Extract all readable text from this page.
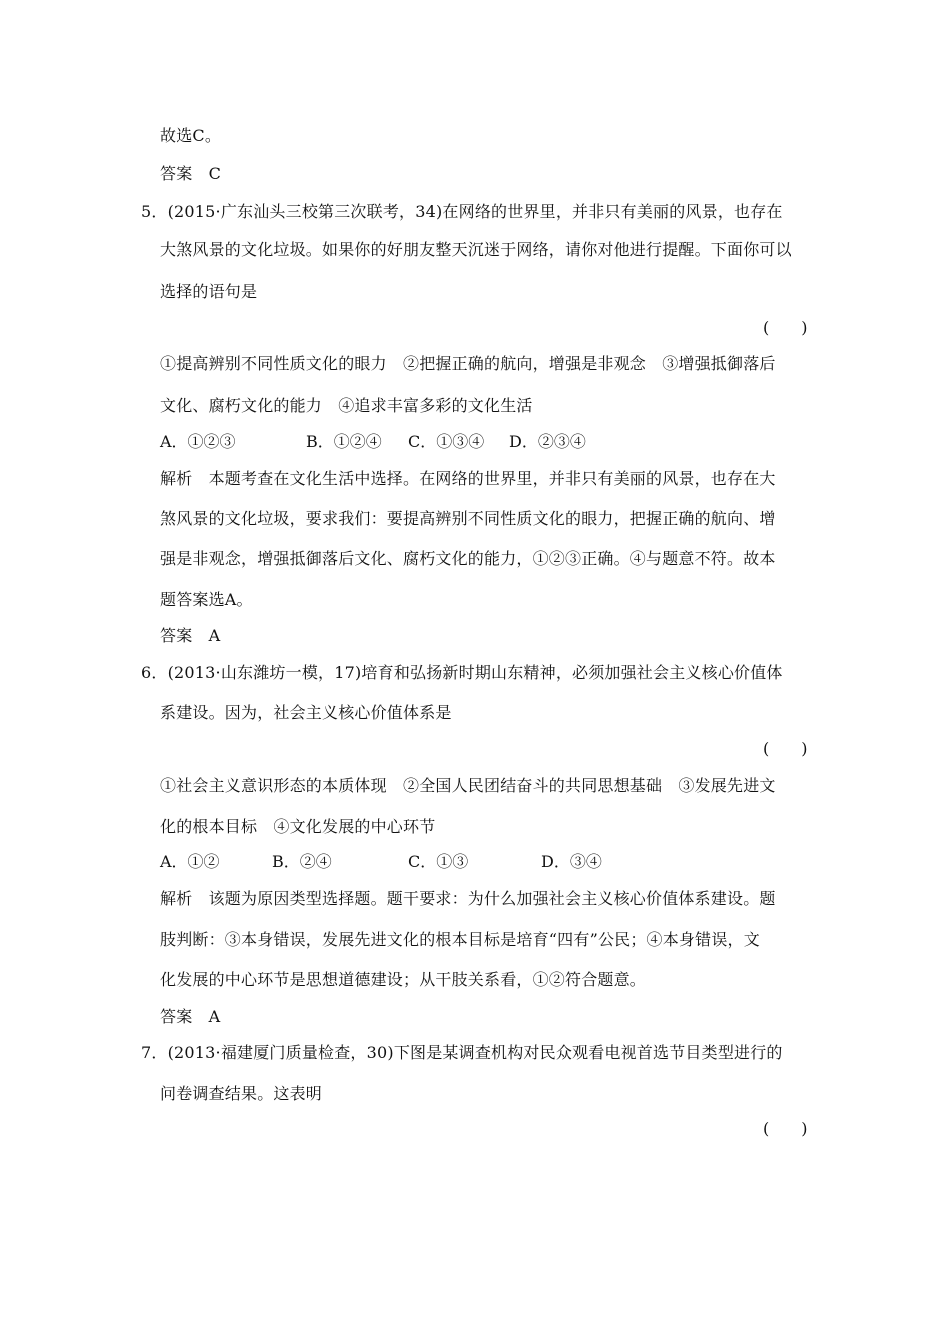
故选C。

答案　C

5．(2015·广东汕头三校第三次联考，34)在网络的世界里，并非只有美丽的风景，也存在

大煞风景的文化垃圾。如果你的好朋友整天沉迷于网络，请你对他进行提醒。下面你可以

选择的语句是

(　　)

①提高辨别不同性质文化的眼力　②把握正确的航向，增强是非观念　③增强抵御落后

文化、腐朽文化的能力　④追求丰富多彩的文化生活

A．①②③	B．①②④ C．①③④ D．②③④

解析　本题考查在文化生活中选择。在网络的世界里，并非只有美丽的风景，也存在大

煞风景的文化垃圾，要求我们：要提高辨别不同性质文化的眼力，把握正确的航向、增

强是非观念，增强抵御落后文化、腐朽文化的能力，①②③正确。④与题意不符。故本

题答案选A。

答案　A

6．(2013·山东潍坊一模，17)培育和弘扬新时期山东精神，必须加强社会主义核心价值体

系建设。因为，社会主义核心价值体系是

(　　)

①社会主义意识形态的本质体现　②全国人民团结奋斗的共同思想基础　③发展先进文

化的根本目标　④文化发展的中心环节

A．①②	B．②④	C．①③	D．③④

解析　该题为原因类型选择题。题干要求：为什么加强社会主义核心价值体系建设。题

肢判断：③本身错误，发展先进文化的根本目标是培育“四有”公民；④本身错误，文

化发展的中心环节是思想道德建设；从干肢关系看，①②符合题意。

答案　A

7．(2013·福建厦门质量检查，30)下图是某调查机构对民众观看电视首选节目类型进行的

问卷调查结果。这表明

(　　)
